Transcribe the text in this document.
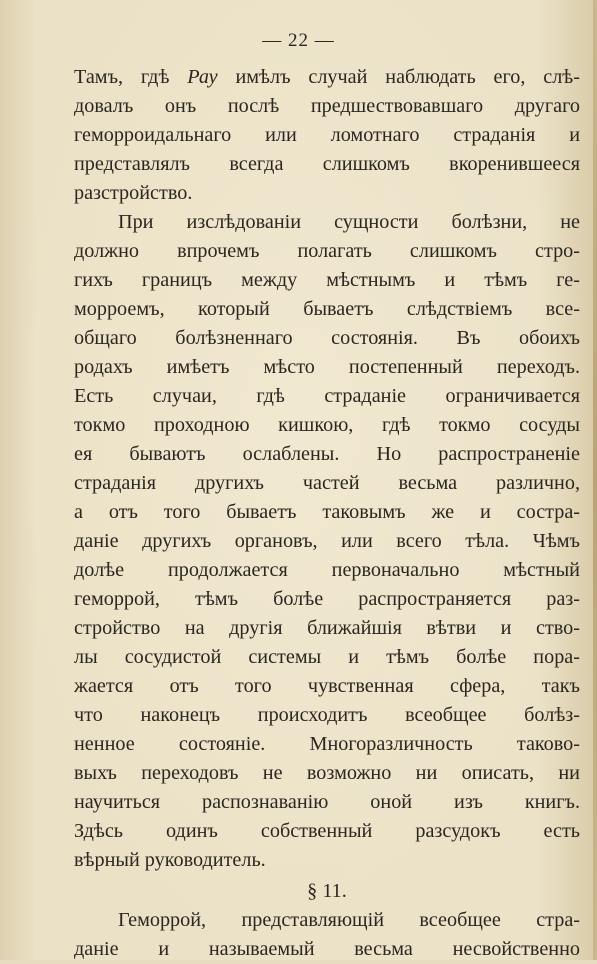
— 22 —
Тамъ, гдѣ Рау имѣлъ случай наблюдать его, слѣ-
довалъ онъ послѣ предшествовавшаго другаго
геморроидальнаго или ломотнаго страданія и
представлялъ всегда слишкомъ вкоренившееся
разстройство.
При изслѣдованіи сущности болѣзни, не
должно впрочемъ полагать слишкомъ стро-
гихъ границъ между мѣстнымъ и тѣмъ ге-
морроемъ, который бываетъ слѣдствіемъ все-
общаго болѣзненнаго состоянія. Въ обоихъ
родахъ имѣетъ мѣсто постепенный переходъ.
Есть случаи, гдѣ страданіе ограничивается
токмо проходною кишкою, гдѣ токмо сосуды
ея бываютъ ослаблены. Но распространеніе
страданія другихъ частей весьма различно,
а отъ того бываетъ таковымъ же и состра-
даніе другихъ органовъ, или всего тѣла. Чѣмъ
долѣе продолжается первоначально мѣстный
геморрой, тѣмъ болѣе распространяется раз-
стройство на другія ближайшія вѣтви и ство-
лы сосудистой системы и тѣмъ болѣе пора-
жается отъ того чувственная сфера, такъ
что наконецъ происходитъ всеобщее болѣз-
ненное состояніе. Многоразличность таково-
выхъ переходовъ не возможно ни описать, ни
научиться распознаванію оной изъ книгъ.
Здѣсь одинъ собственный разсудокъ есть
вѣрный руководитель.
§ 11.
Геморрой, представляющій всеобщее стра-
даніе и называемый весьма несвойственно
